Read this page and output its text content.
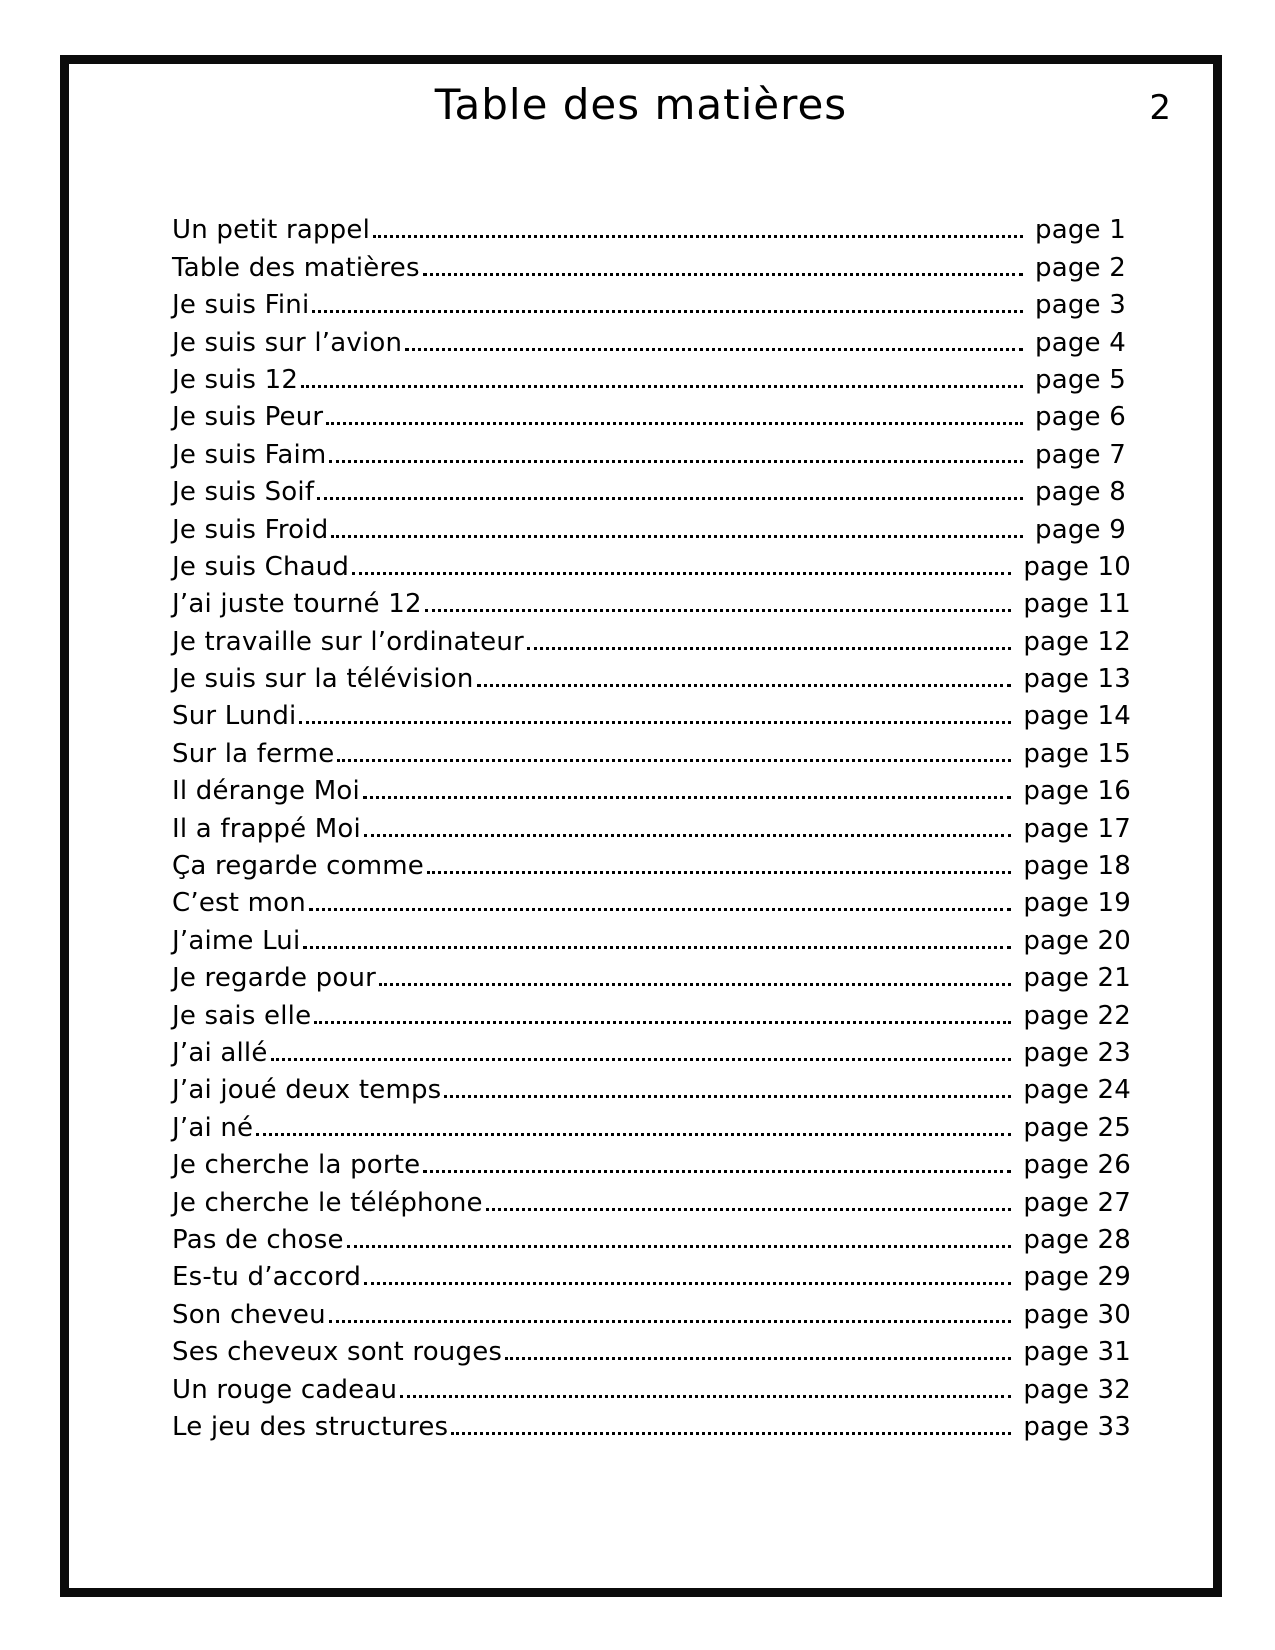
Table des matières	2
Un petit rappel	page 1
Table des matières	page 2
Je suis Fini	page 3
Je suis sur l’avion	page 4
Je suis 12	page 5
Je suis Peur	page 6
Je suis Faim	page 7
Je suis Soif	page 8
Je suis Froid	page 9
Je suis Chaud	page 10
J’ai juste tourné 12	page 11
Je travaille sur l’ordinateur	page 12
Je suis sur la télévision	page 13
Sur Lundi	page 14
Sur la ferme	page 15
Il dérange Moi	page 16
Il a frappé Moi	page 17
Ça regarde comme	page 18
C’est mon	page 19
J’aime Lui	page 20
Je regarde pour	page 21
Je sais elle	page 22
J’ai allé	page 23
J’ai joué deux temps	page 24
J’ai né	page 25
Je cherche la porte	page 26
Je cherche le téléphone	page 27
Pas de chose	page 28
Es-tu d’accord	page 29
Son cheveu	page 30
Ses cheveux sont rouges	page 31
Un rouge cadeau	page 32
Le jeu des structures	page 33
